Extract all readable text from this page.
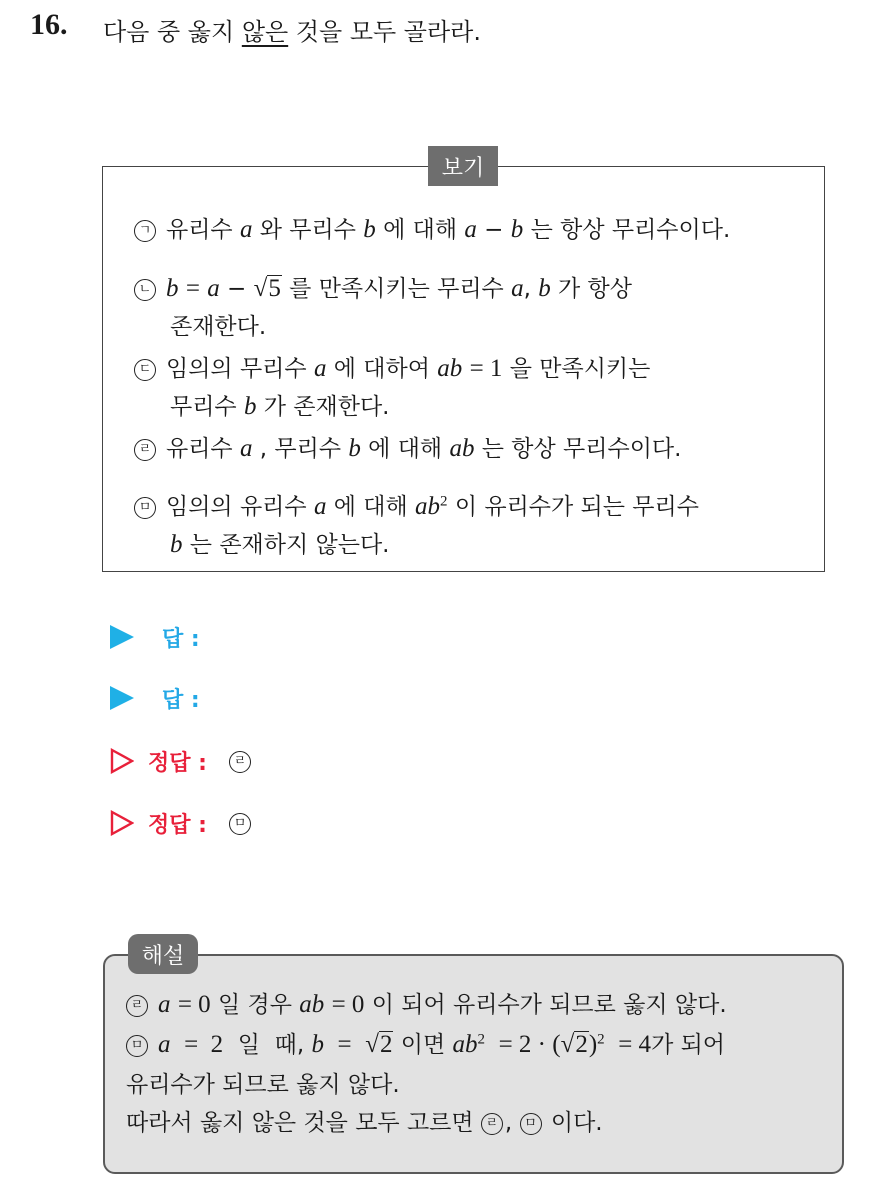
16. 다음 중 옳지 않은 것을 모두 골라라.
보기
ㄱ 유리수 a 와 무리수 b 에 대해 a − b 는 항상 무리수이다.
ㄴ b = a − √5 를 만족시키는 무리수 a, b 가 항상
존재한다.
ㄷ 임의의 무리수 a 에 대하여 ab = 1 을 만족시키는
무리수 b 가 존재한다.
ㄹ 유리수 a , 무리수 b 에 대해 ab 는 항상 무리수이다.
ㅁ 임의의 유리수 a 에 대해 $ab^2$ 이 유리수가 되는 무리수
b 는 존재하지 않는다.
답 :
답 :
정답 :	ㄹ
정답 :	ㅁ
해설
ㄹ a = 0 일 경우 ab = 0 이 되어 유리수가 되므로 옳지 않다.
ㅁ a  =  2  일  때, b  =  √2 이면 $ab^2 = 2 \cdot (√2)^2 = 4$가 되어
유리수가 되므로 옳지 않다.
따라서 옳지 않은 것을 모두 고르면 ㄹ , ㅁ 이다.
